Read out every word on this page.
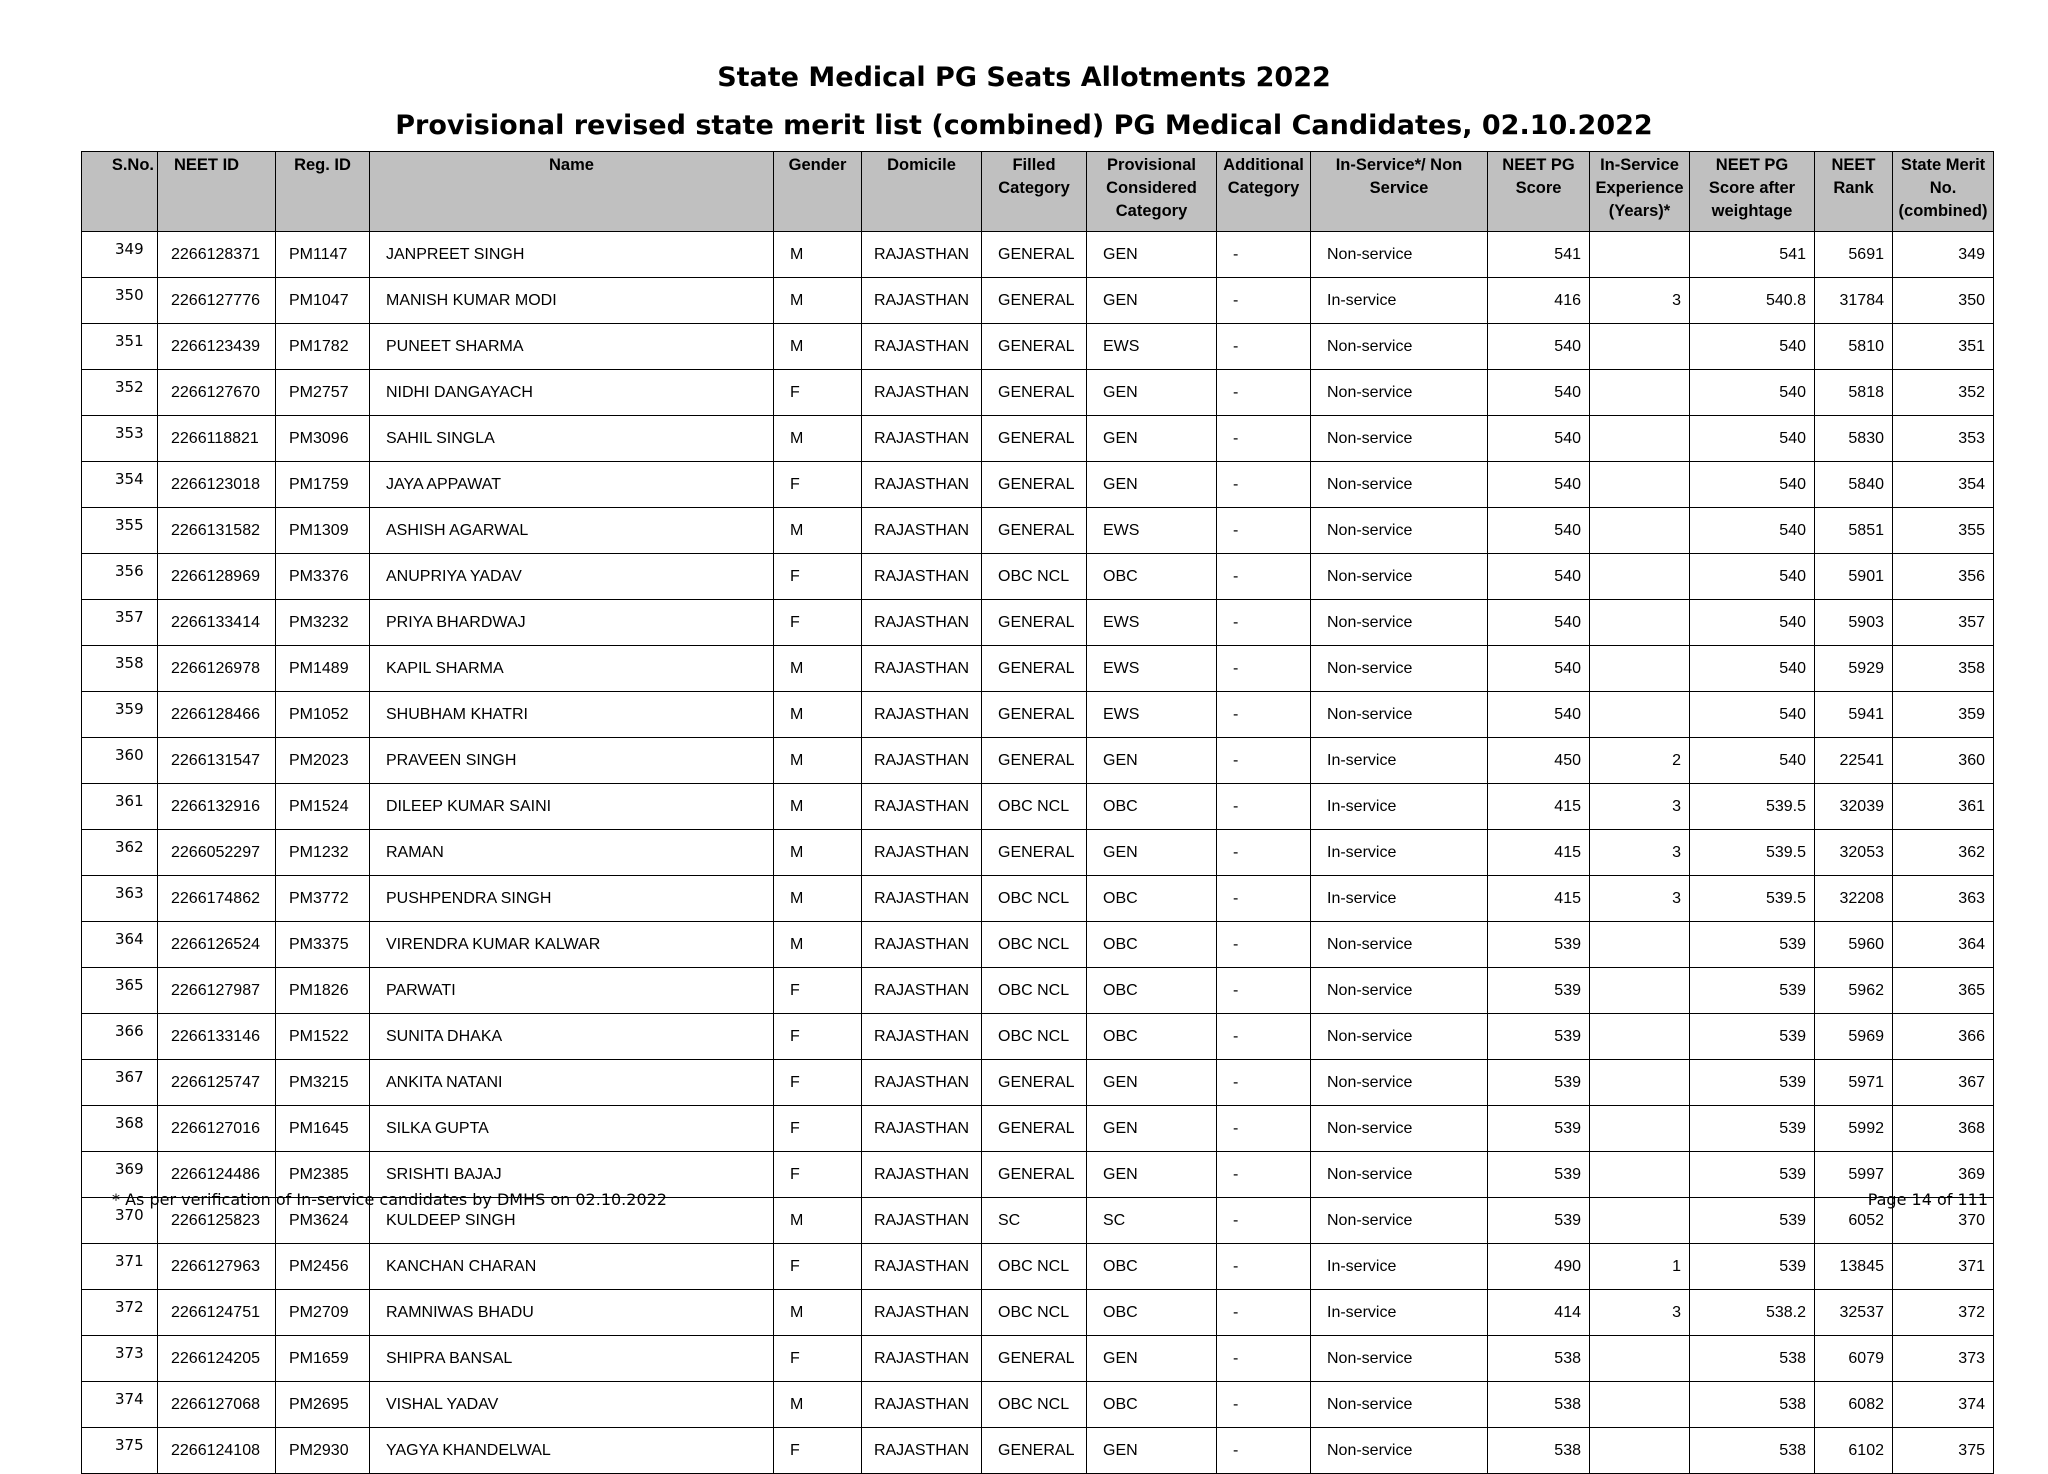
State Medical PG Seats Allotments 2022
Provisional revised state merit list (combined) PG Medical Candidates, 02.10.2022
S.No.	NEET ID	Reg. ID	Name	Gender	Domicile	Filled Category	Provisional Considered Category	Additional Category	In-Service*/ Non Service	NEET PG Score	In-Service Experience (Years)*	NEET PG Score after weightage	NEET Rank	State Merit No. (combined)
349	2266128371	PM1147	JANPREET SINGH	M	RAJASTHAN	GENERAL	GEN	-	Non-service	541		541	5691	349
350	2266127776	PM1047	MANISH KUMAR MODI	M	RAJASTHAN	GENERAL	GEN	-	In-service	416	3	540.8	31784	350
351	2266123439	PM1782	PUNEET SHARMA	M	RAJASTHAN	GENERAL	EWS	-	Non-service	540		540	5810	351
352	2266127670	PM2757	NIDHI DANGAYACH	F	RAJASTHAN	GENERAL	GEN	-	Non-service	540		540	5818	352
353	2266118821	PM3096	SAHIL SINGLA	M	RAJASTHAN	GENERAL	GEN	-	Non-service	540		540	5830	353
354	2266123018	PM1759	JAYA APPAWAT	F	RAJASTHAN	GENERAL	GEN	-	Non-service	540		540	5840	354
355	2266131582	PM1309	ASHISH AGARWAL	M	RAJASTHAN	GENERAL	EWS	-	Non-service	540		540	5851	355
356	2266128969	PM3376	ANUPRIYA YADAV	F	RAJASTHAN	OBC NCL	OBC	-	Non-service	540		540	5901	356
357	2266133414	PM3232	PRIYA BHARDWAJ	F	RAJASTHAN	GENERAL	EWS	-	Non-service	540		540	5903	357
358	2266126978	PM1489	KAPIL SHARMA	M	RAJASTHAN	GENERAL	EWS	-	Non-service	540		540	5929	358
359	2266128466	PM1052	SHUBHAM KHATRI	M	RAJASTHAN	GENERAL	EWS	-	Non-service	540		540	5941	359
360	2266131547	PM2023	PRAVEEN SINGH	M	RAJASTHAN	GENERAL	GEN	-	In-service	450	2	540	22541	360
361	2266132916	PM1524	DILEEP KUMAR SAINI	M	RAJASTHAN	OBC NCL	OBC	-	In-service	415	3	539.5	32039	361
362	2266052297	PM1232	RAMAN	M	RAJASTHAN	GENERAL	GEN	-	In-service	415	3	539.5	32053	362
363	2266174862	PM3772	PUSHPENDRA SINGH	M	RAJASTHAN	OBC NCL	OBC	-	In-service	415	3	539.5	32208	363
364	2266126524	PM3375	VIRENDRA KUMAR KALWAR	M	RAJASTHAN	OBC NCL	OBC	-	Non-service	539		539	5960	364
365	2266127987	PM1826	PARWATI	F	RAJASTHAN	OBC NCL	OBC	-	Non-service	539		539	5962	365
366	2266133146	PM1522	SUNITA DHAKA	F	RAJASTHAN	OBC NCL	OBC	-	Non-service	539		539	5969	366
367	2266125747	PM3215	ANKITA NATANI	F	RAJASTHAN	GENERAL	GEN	-	Non-service	539		539	5971	367
368	2266127016	PM1645	SILKA GUPTA	F	RAJASTHAN	GENERAL	GEN	-	Non-service	539		539	5992	368
369	2266124486	PM2385	SRISHTI BAJAJ	F	RAJASTHAN	GENERAL	GEN	-	Non-service	539		539	5997	369
370	2266125823	PM3624	KULDEEP SINGH	M	RAJASTHAN	SC	SC	-	Non-service	539		539	6052	370
371	2266127963	PM2456	KANCHAN CHARAN	F	RAJASTHAN	OBC NCL	OBC	-	In-service	490	1	539	13845	371
372	2266124751	PM2709	RAMNIWAS BHADU	M	RAJASTHAN	OBC NCL	OBC	-	In-service	414	3	538.2	32537	372
373	2266124205	PM1659	SHIPRA BANSAL	F	RAJASTHAN	GENERAL	GEN	-	Non-service	538		538	6079	373
374	2266127068	PM2695	VISHAL YADAV	M	RAJASTHAN	OBC NCL	OBC	-	Non-service	538		538	6082	374
375	2266124108	PM2930	YAGYA KHANDELWAL	F	RAJASTHAN	GENERAL	GEN	-	Non-service	538		538	6102	375
* As per verification of In-service candidates by DMHS on 02.10.2022	Page 14 of 111
